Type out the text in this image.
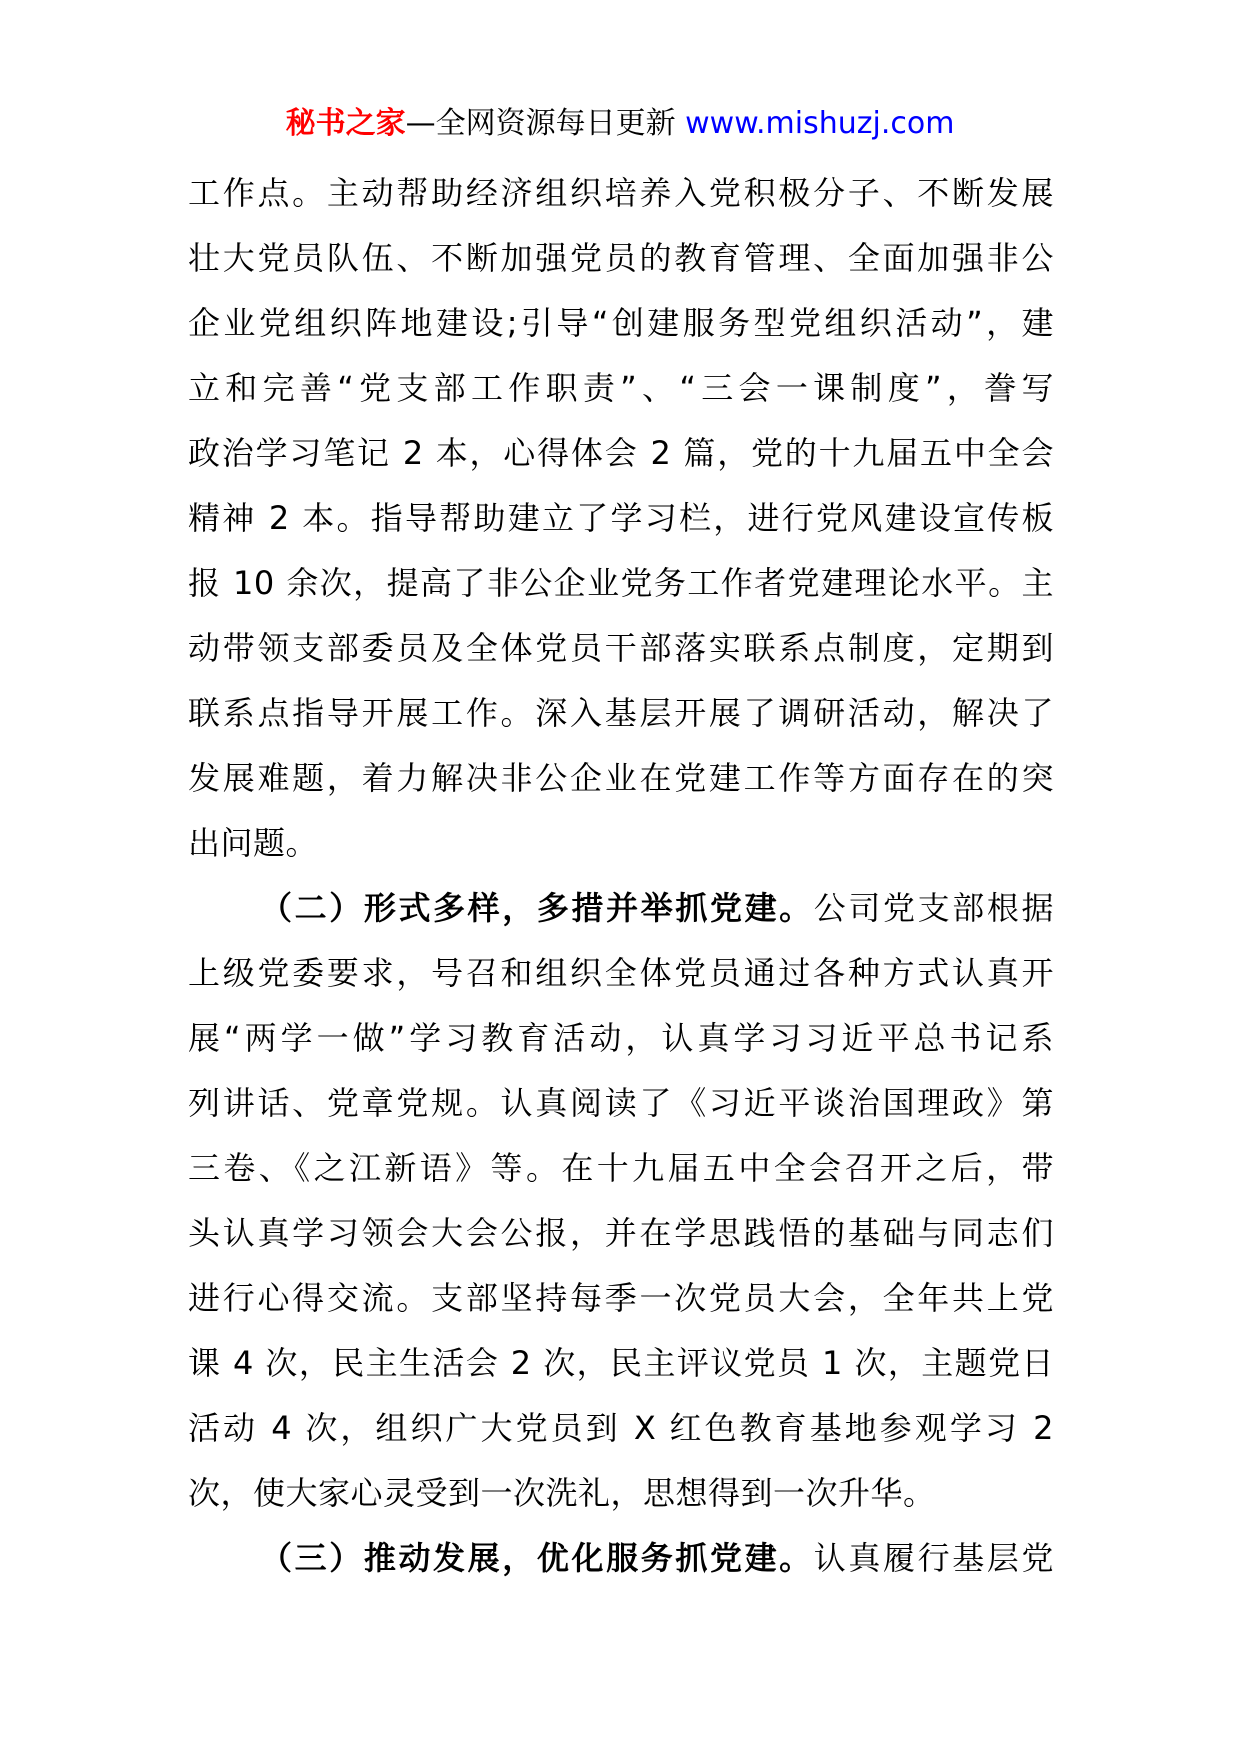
秘书之家—全网资源每日更新 www.mishuzj.com

工作点。主动帮助经济组织培养入党积极分子、不断发展
壮大党员队伍、不断加强党员的教育管理、全面加强非公
企业党组织阵地建设;引导“创建服务型党组织活动”，建
立和完善“党支部工作职责”、“三会一课制度”，誊写
政治学习笔记 2 本，心得体会 2 篇，党的十九届五中全会
精神 2 本。指导帮助建立了学习栏，进行党风建设宣传板
报 10 余次，提高了非公企业党务工作者党建理论水平。主
动带领支部委员及全体党员干部落实联系点制度，定期到
联系点指导开展工作。深入基层开展了调研活动，解决了
发展难题，着力解决非公企业在党建工作等方面存在的突
出问题。

（二）形式多样，多措并举抓党建。公司党支部根据
上级党委要求，号召和组织全体党员通过各种方式认真开
展“两学一做”学习教育活动，认真学习习近平总书记系
列讲话、党章党规。认真阅读了《习近平谈治国理政》第
三卷、《之江新语》等。在十九届五中全会召开之后，带
头认真学习领会大会公报，并在学思践悟的基础与同志们
进行心得交流。支部坚持每季一次党员大会，全年共上党
课 4 次，民主生活会 2 次，民主评议党员 1 次，主题党日
活动 4 次，组织广大党员到 X 红色教育基地参观学习 2
次，使大家心灵受到一次洗礼，思想得到一次升华。

（三）推动发展，优化服务抓党建。认真履行基层党
